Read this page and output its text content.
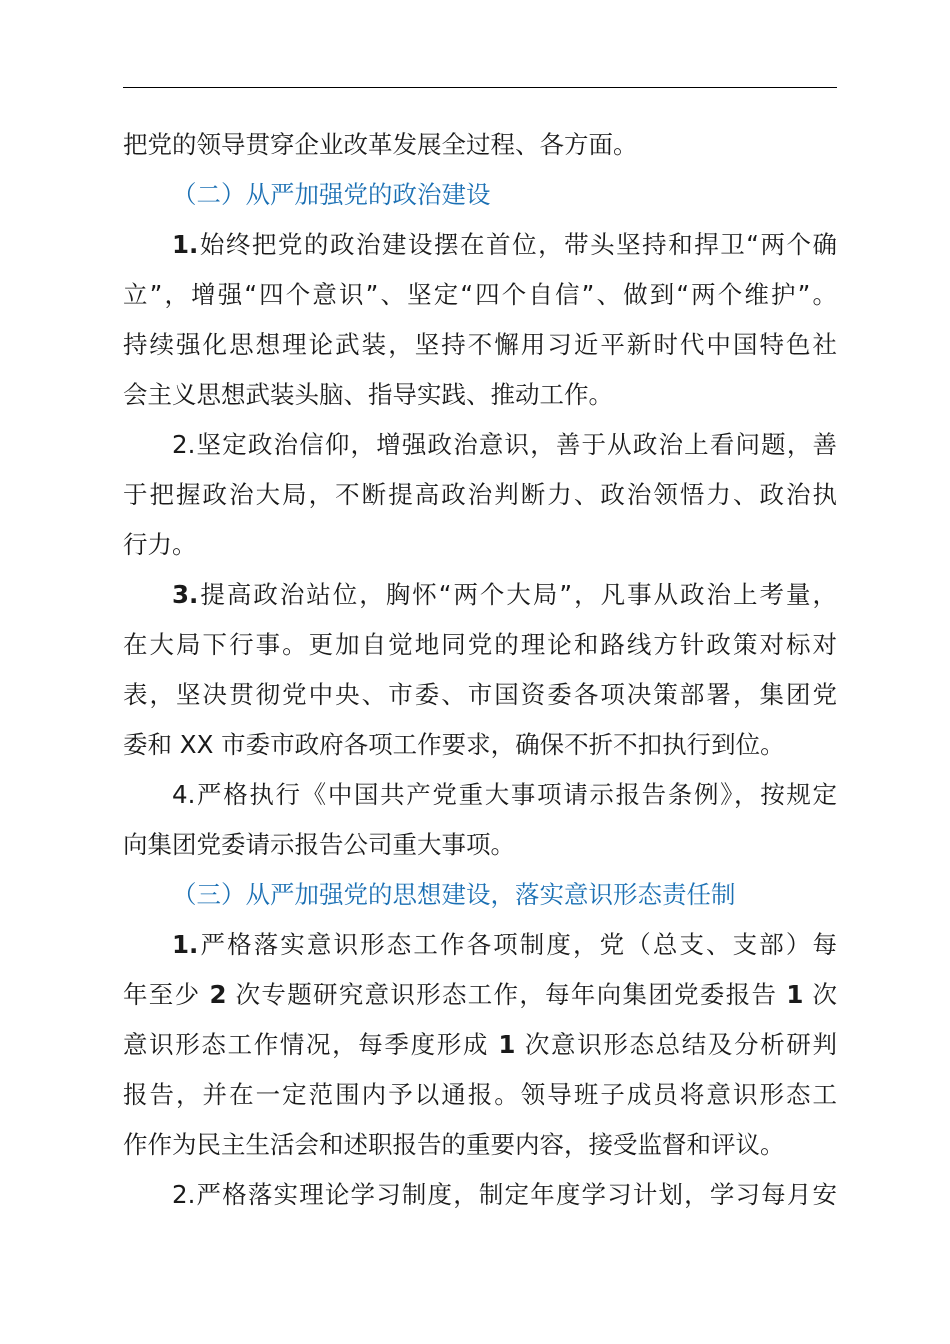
把党的领导贯穿企业改革发展全过程、各方面。
（二）从严加强党的政治建设
1.始终把党的政治建设摆在首位，带头坚持和捍卫“两个确
立”，增强“四个意识”、坚定“四个自信”、做到“两个维护”。
持续强化思想理论武装，坚持不懈用习近平新时代中国特色社
会主义思想武装头脑、指导实践、推动工作。
2.坚定政治信仰，增强政治意识，善于从政治上看问题，善
于把握政治大局，不断提高政治判断力、政治领悟力、政治执
行力。
3.提高政治站位，胸怀“两个大局”，凡事从政治上考量，
在大局下行事。更加自觉地同党的理论和路线方针政策对标对
表，坚决贯彻党中央、市委、市国资委各项决策部署，集团党
委和 XX 市委市政府各项工作要求，确保不折不扣执行到位。
4.严格执行《中国共产党重大事项请示报告条例》，按规定
向集团党委请示报告公司重大事项。
（三）从严加强党的思想建设，落实意识形态责任制
1.严格落实意识形态工作各项制度，党（总支、支部）每
年至少 2 次专题研究意识形态工作，每年向集团党委报告 1 次
意识形态工作情况，每季度形成 1 次意识形态总结及分析研判
报告，并在一定范围内予以通报。领导班子成员将意识形态工
作作为民主生活会和述职报告的重要内容，接受监督和评议。
2.严格落实理论学习制度，制定年度学习计划，学习每月安
